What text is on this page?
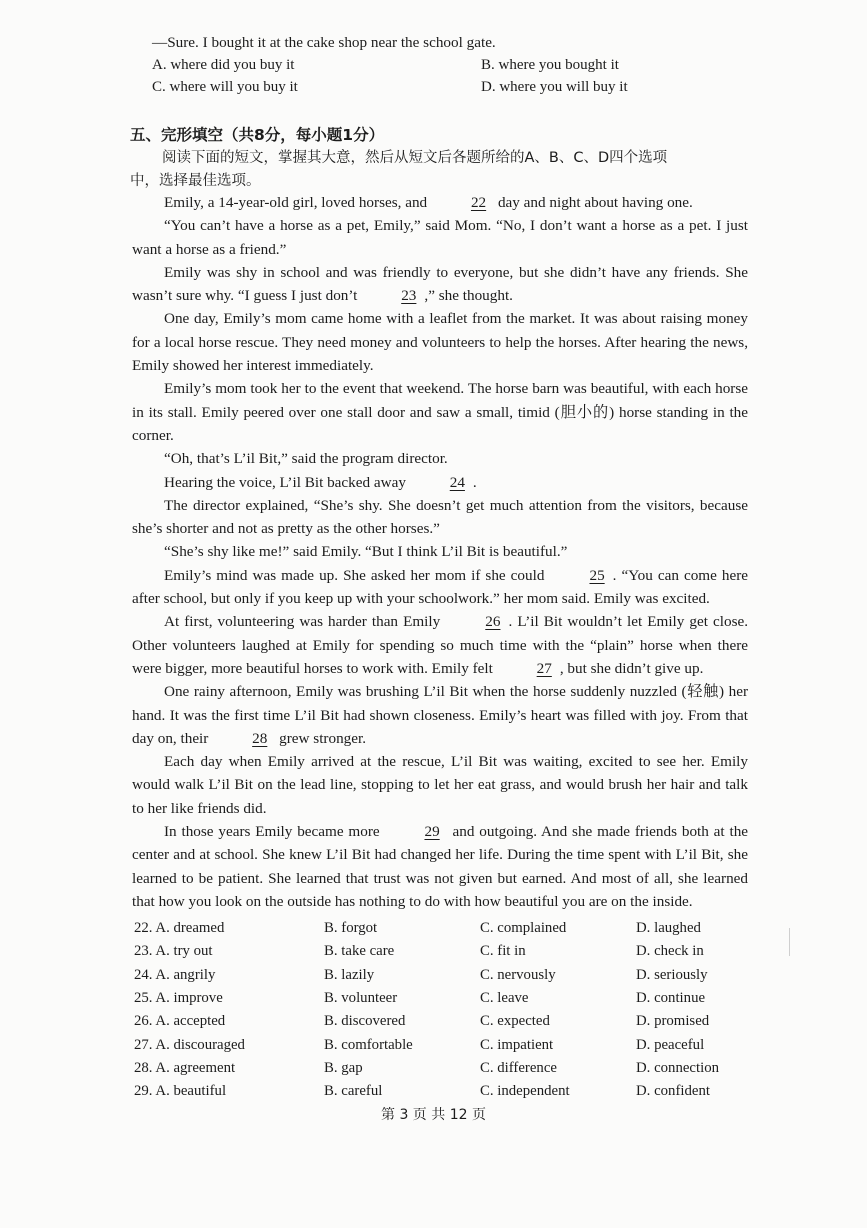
—Sure. I bought it at the cake shop near the school gate.
A. where did you buy it	B. where you bought it
C. where will you buy it	D. where you will buy it
五、完形填空（共8分，每小题1分）
阅读下面的短文，掌握其大意，然后从短文后各题所给的A、B、C、D四个选项
中，选择最佳选项。

Emily, a 14-year-old girl, loved horses, and	22 day and night about having one.

“You can’t have a horse as a pet, Emily,” said Mom. “No, I don’t want a horse as a pet. I just want a horse as a friend.”

Emily was shy in school and was friendly to everyone, but she didn’t have any friends. She wasn’t sure why. “I guess I just don’t	23 ,” she thought.

One day, Emily’s mom came home with a leaflet from the market. It was about raising money for a local horse rescue. They need money and volunteers to help the horses. After hearing the news, Emily showed her interest immediately.

Emily’s mom took her to the event that weekend. The horse barn was beautiful, with each horse in its stall. Emily peered over one stall door and saw a small, timid (胆小的) horse standing in the corner.

“Oh, that’s L’il Bit,” said the program director.

Hearing the voice, L’il Bit backed away	24 .

The director explained, “She’s shy. She doesn’t get much attention from the visitors, because she’s shorter and not as pretty as the other horses.”

“She’s shy like me!” said Emily. “But I think L’il Bit is beautiful.”

Emily’s mind was made up. She asked her mom if she could	25 . “You can come here after school, but only if you keep up with your schoolwork.” her mom said. Emily was excited.

At first, volunteering was harder than Emily	26 . L’il Bit wouldn’t let Emily get close. Other volunteers laughed at Emily for spending so much time with the “plain” horse when there were bigger, more beautiful horses to work with. Emily felt	27 , but she didn’t give up.

One rainy afternoon, Emily was brushing L’il Bit when the horse suddenly nuzzled (轻触) her hand. It was the first time L’il Bit had shown closeness. Emily’s heart was filled with joy. From that day on, their	28 grew stronger.

Each day when Emily arrived at the rescue, L’il Bit was waiting, excited to see her. Emily would walk L’il Bit on the lead line, stopping to let her eat grass, and would brush her hair and talk to her like friends did.

In those years Emily became more	29 and outgoing. And she made friends both at the center and at school. She knew L’il Bit had changed her life. During the time spent with L’il Bit, she learned to be patient. She learned that trust was not given but earned. And most of all, she learned that how you look on the outside has nothing to do with how beautiful you are on the inside.

22. A. dreamed	B. forgot	C. complained	D. laughed
23. A. try out	B. take care	C. fit in	D. check in
24. A. angrily	B. lazily	C. nervously	D. seriously
25. A. improve	B. volunteer	C. leave	D. continue
26. A. accepted	B. discovered	C. expected	D. promised
27. A. discouraged	B. comfortable	C. impatient	D. peaceful
28. A. agreement	B. gap	C. difference	D. connection
29. A. beautiful	B. careful	C. independent	D. confident
第 3 页 共 12 页
